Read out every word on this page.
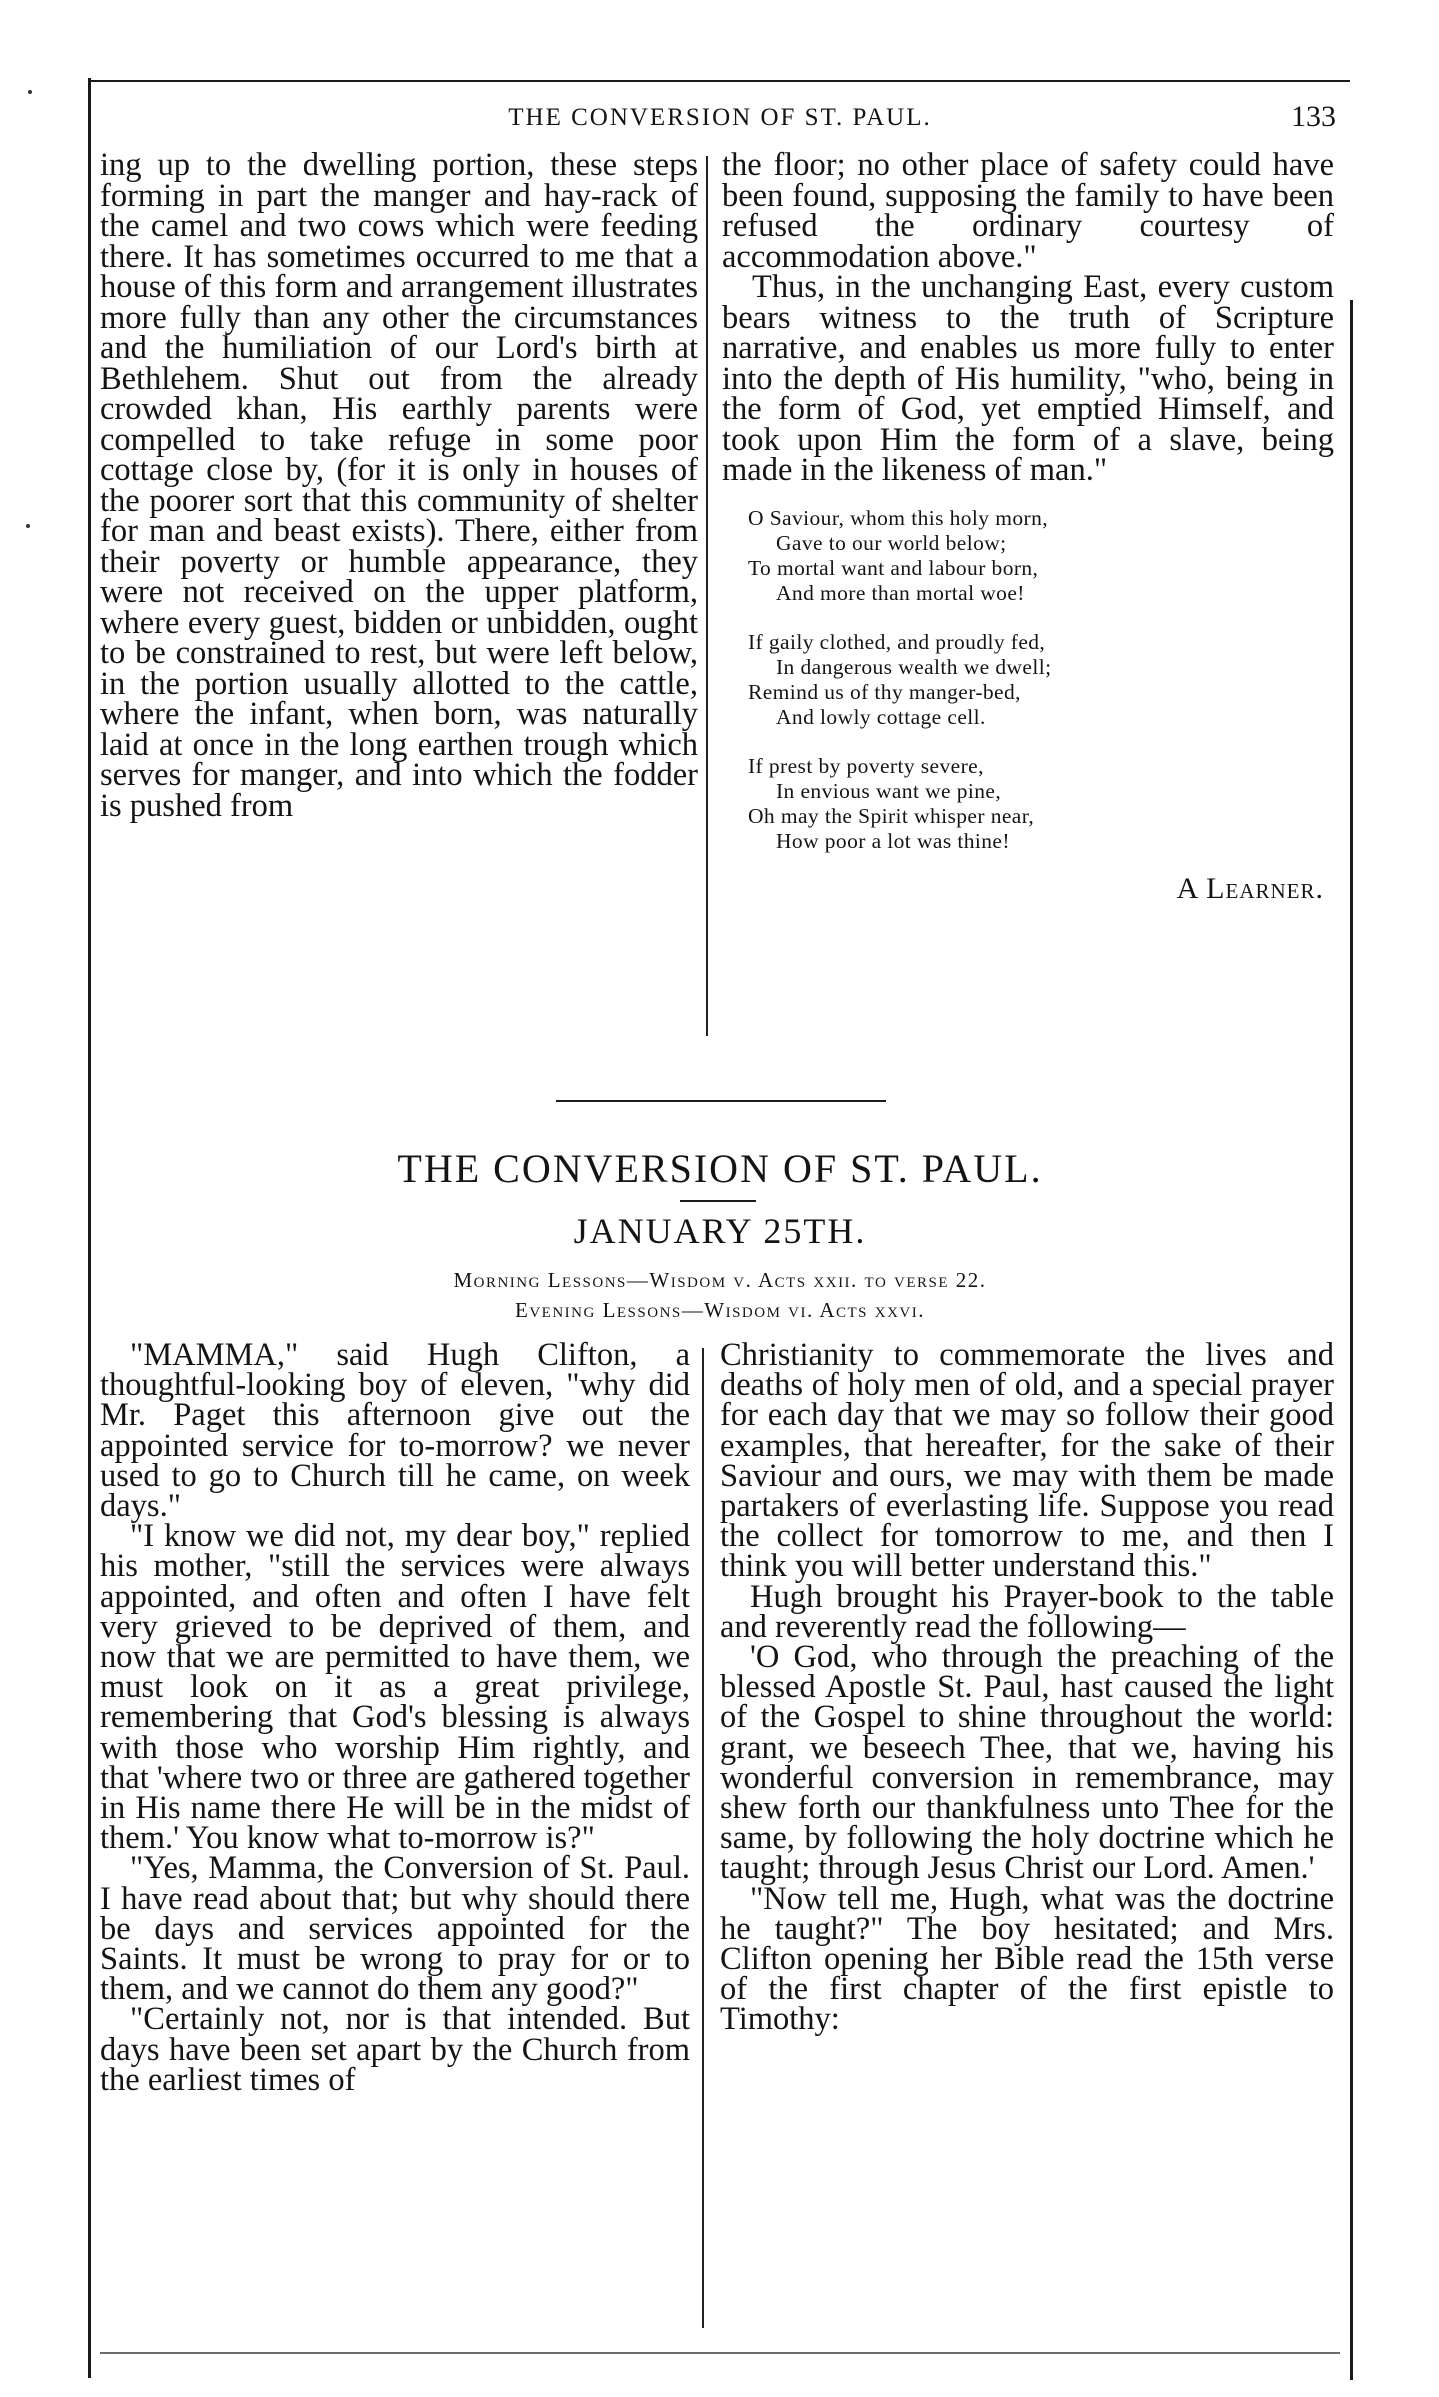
THE CONVERSION OF ST. PAUL.	133

ing up to the dwelling portion, these steps forming in part the manger and hay-rack of the camel and two cows which were feeding there. It has sometimes occurred to me that a house of this form and arrangement illustrates more fully than any other the circumstances and the humiliation of our Lord's birth at Bethlehem. Shut out from the already crowded khan, His earthly parents were compelled to take refuge in some poor cottage close by, (for it is only in houses of the poorer sort that this community of shelter for man and beast exists). There, either from their poverty or humble appearance, they were not received on the upper platform, where every guest, bidden or unbidden, ought to be constrained to rest, but were left below, in the portion usually allotted to the cattle, where the infant, when born, was naturally laid at once in the long earthen trough which serves for manger, and into which the fodder is pushed from

the floor; no other place of safety could have been found, supposing the family to have been refused the ordinary courtesy of accommodation above."

Thus, in the unchanging East, every custom bears witness to the truth of Scripture narrative, and enables us more fully to enter into the depth of His humility, "who, being in the form of God, yet emptied Himself, and took upon Him the form of a slave, being made in the likeness of man."

O Saviour, whom this holy morn,
Gave to our world below;
To mortal want and labour born,
And more than mortal woe!
If gaily clothed, and proudly fed,
In dangerous wealth we dwell;
Remind us of thy manger-bed,
And lowly cottage cell.
If prest by poverty severe,
In envious want we pine,
Oh may the Spirit whisper near,
How poor a lot was thine!
A Learner.
THE CONVERSION OF ST. PAUL.
JANUARY 25TH.
Morning Lessons—Wisdom v. Acts xxii. to verse 22.
Evening Lessons—Wisdom vi. Acts xxvi.

"MAMMA," said Hugh Clifton, a thoughtful-looking boy of eleven, "why did Mr. Paget this afternoon give out the appointed service for to-morrow? we never used to go to Church till he came, on week days."

"I know we did not, my dear boy," replied his mother, "still the services were always appointed, and often and often I have felt very grieved to be deprived of them, and now that we are permitted to have them, we must look on it as a great privilege, remembering that God's blessing is always with those who worship Him rightly, and that 'where two or three are gathered together in His name there He will be in the midst of them.' You know what to-morrow is?"

"Yes, Mamma, the Conversion of St. Paul. I have read about that; but why should there be days and services appointed for the Saints. It must be wrong to pray for or to them, and we cannot do them any good?"

"Certainly not, nor is that intended. But days have been set apart by the Church from the earliest times of

Christianity to commemorate the lives and deaths of holy men of old, and a special prayer for each day that we may so follow their good examples, that hereafter, for the sake of their Saviour and ours, we may with them be made partakers of everlasting life. Suppose you read the collect for tomorrow to me, and then I think you will better understand this."

Hugh brought his Prayer-book to the table and reverently read the following—

'O God, who through the preaching of the blessed Apostle St. Paul, hast caused the light of the Gospel to shine throughout the world: grant, we beseech Thee, that we, having his wonderful conversion in remembrance, may shew forth our thankfulness unto Thee for the same, by following the holy doctrine which he taught; through Jesus Christ our Lord. Amen.'

"Now tell me, Hugh, what was the doctrine he taught?" The boy hesitated; and Mrs. Clifton opening her Bible read the 15th verse of the first chapter of the first epistle to Timothy:
